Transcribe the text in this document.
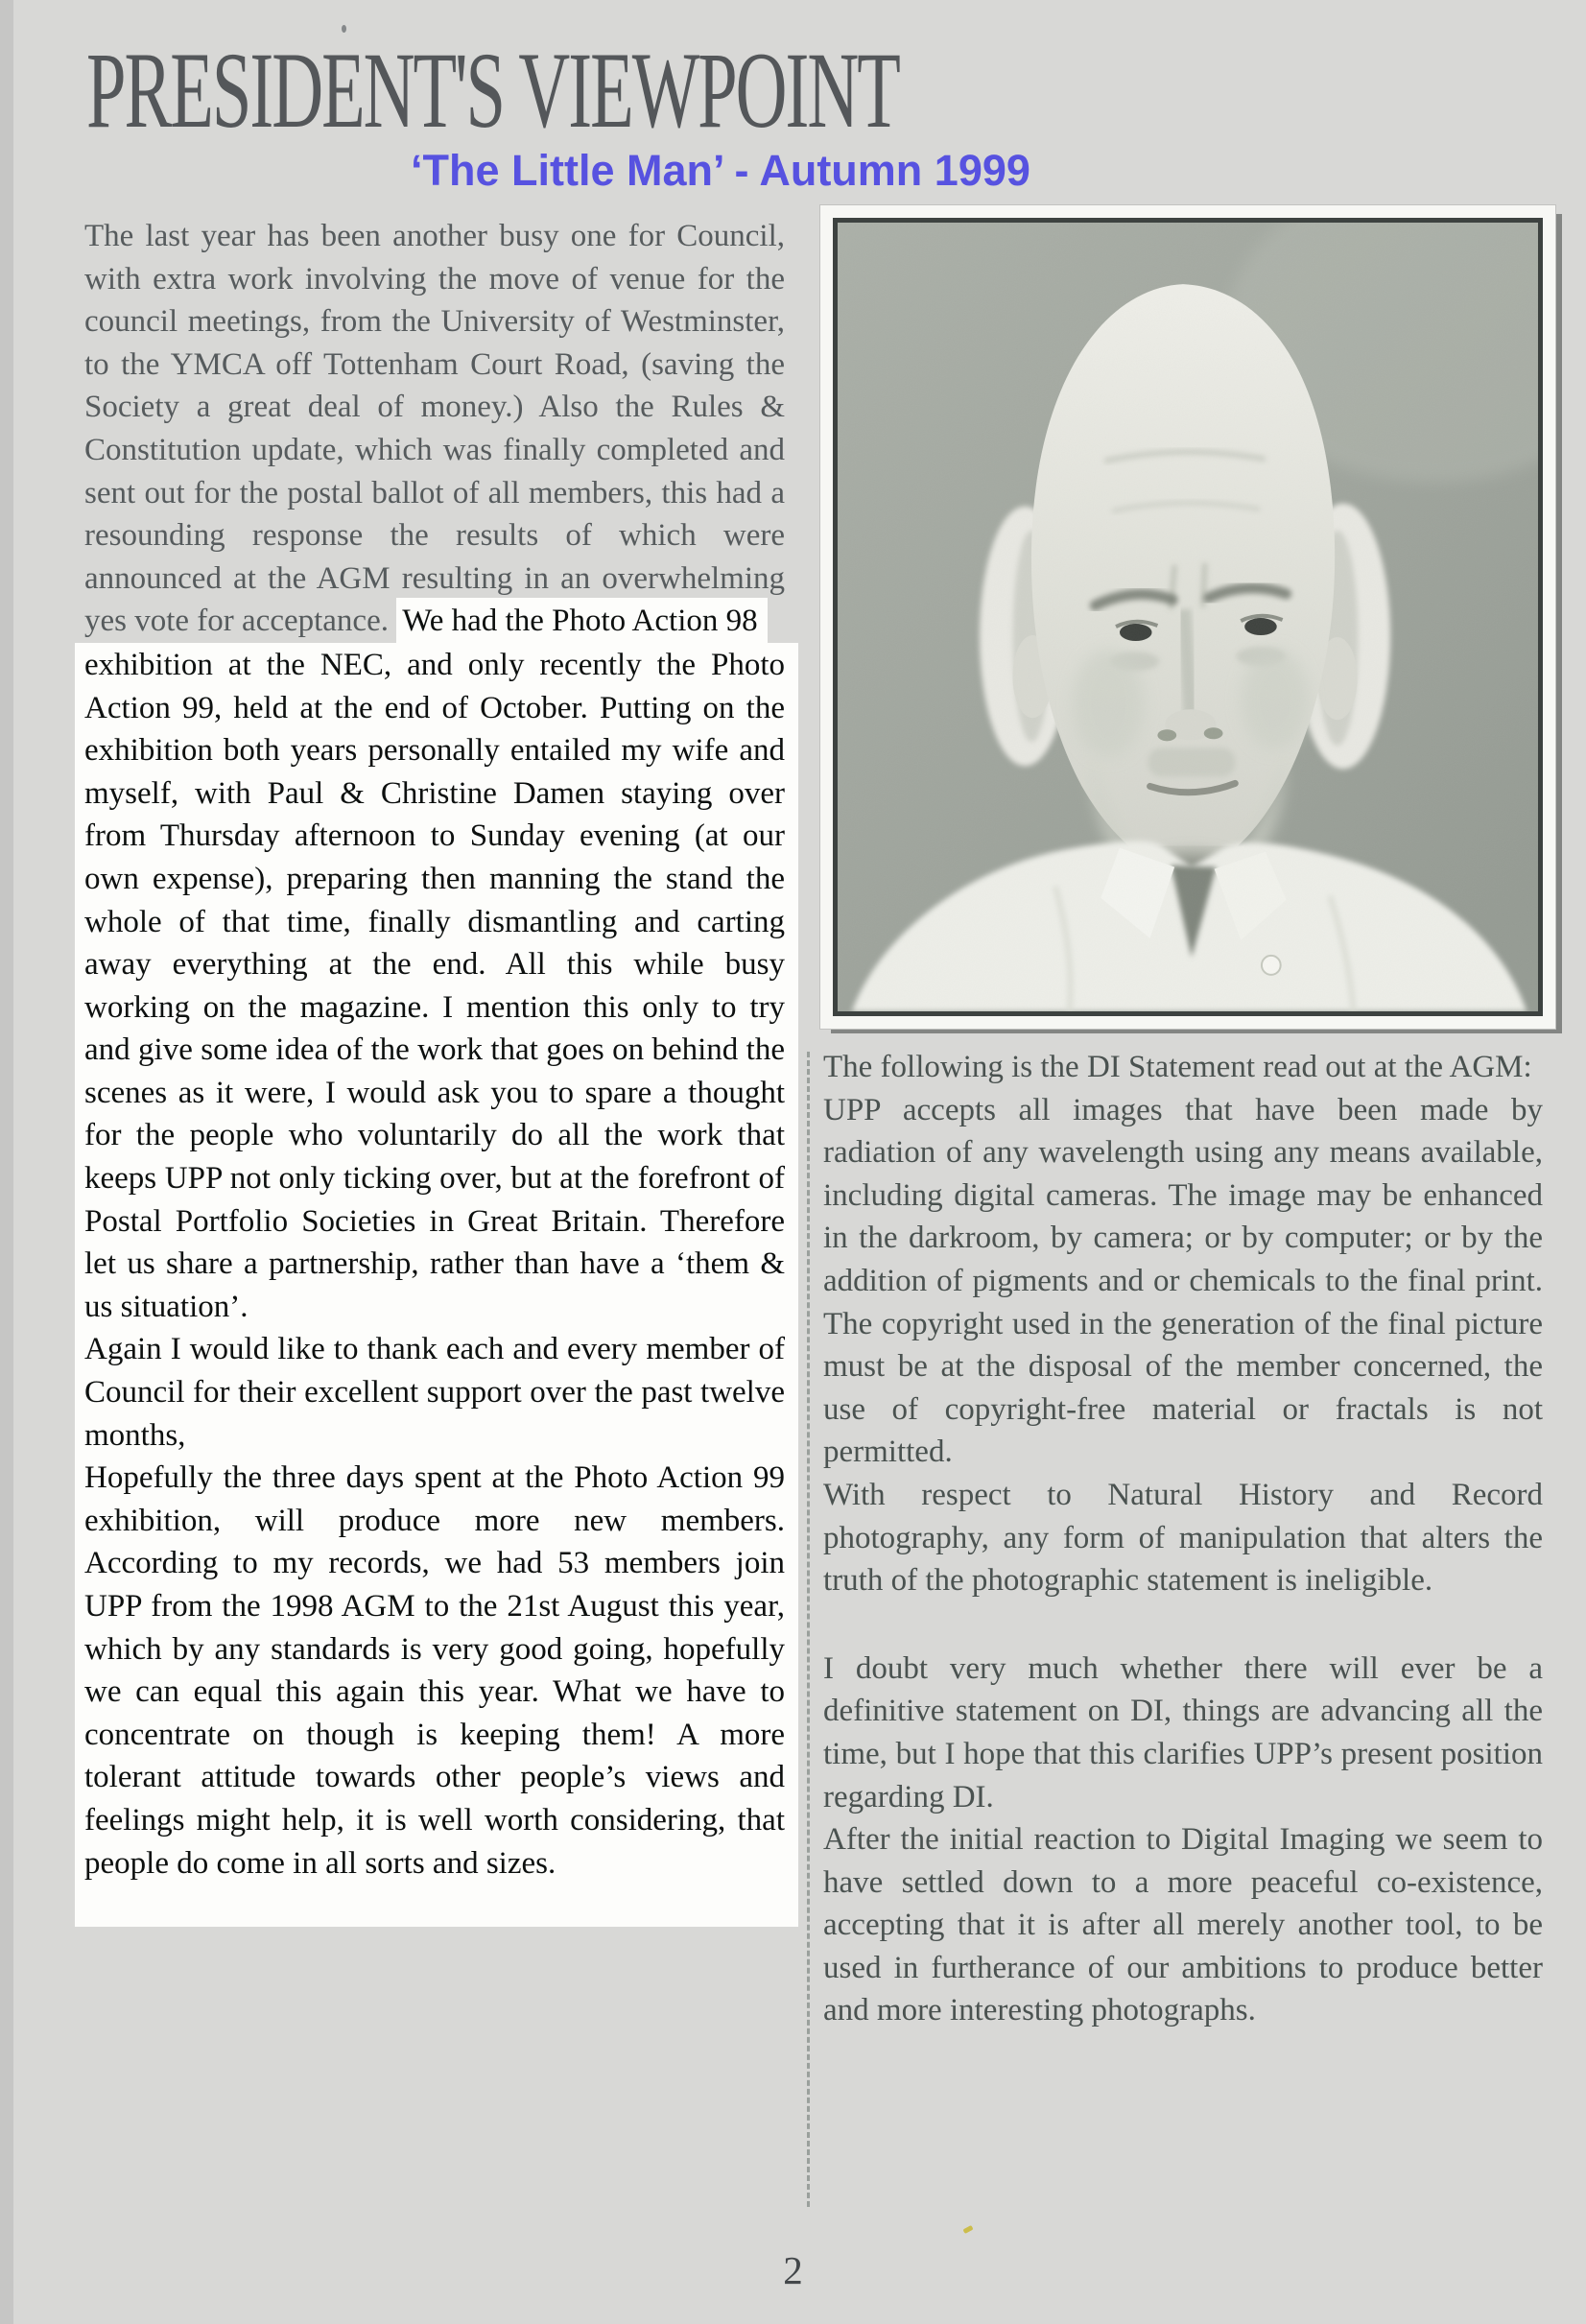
PRESIDENT'S VIEWPOINT
‘The Little Man’ - Autumn 1999

The last year has been another busy one for Council, with extra work involving the move of venue for the council meetings, from the University of Westminster, to the YMCA off Tottenham Court Road, (saving the Society a great deal of money.) Also the Rules & Constitution update, which was finally completed and sent out for the postal ballot of all members, this had a resounding response the results of which were announced at the AGM resulting in an overwhelming yes vote for acceptance. We had the Photo Action 98

exhibition at the NEC, and only recently the Photo Action 99, held at the end of October. Putting on the exhibition both years personally entailed my wife and myself, with Paul & Christine Damen staying over from Thursday afternoon to Sunday evening (at our own expense), preparing then manning the stand the whole of that time, finally dismantling and carting away everything at the end. All this while busy working on the magazine. I mention this only to try and give some idea of the work that goes on behind the scenes as it were, I would ask you to spare a thought for the people who voluntarily do all the work that keeps UPP not only ticking over, but at the forefront of Postal Portfolio Societies in Great Britain. Therefore let us share a partnership, rather than have a ‘them & us situation’.

Again I would like to thank each and every member of Council for their excellent support over the past twelve months,

Hopefully the three days spent at the Photo Action 99 exhibition, will produce more new members. According to my records, we had 53 members join UPP from the 1998 AGM to the 21st August this year, which by any standards is very good going, hopefully we can equal this again this year. What we have to concentrate on though is keeping them! A more tolerant attitude towards other people’s views and feelings might help, it is well worth considering, that people do come in all sorts and sizes.

The following is the DI Statement read out at the AGM:

UPP accepts all images that have been made by radiation of any wavelength using any means available, including digital cameras. The image may be enhanced in the darkroom, by camera; or by computer; or by the addition of pigments and or chemicals to the final print. The copyright used in the generation of the final picture must be at the disposal of the member concerned, the use of copyright-free material or fractals is not permitted.

With respect to Natural History and Record photography, any form of manipulation that alters the truth of the photographic statement is ineligible.

I doubt very much whether there will ever be a definitive statement on DI, things are advancing all the time, but I hope that this clarifies UPP’s present position regarding DI.

After the initial reaction to Digital Imaging we seem to have settled down to a more peaceful co-existence, accepting that it is after all merely another tool, to be used in furtherance of our ambitions to produce better and more interesting photographs.

2
